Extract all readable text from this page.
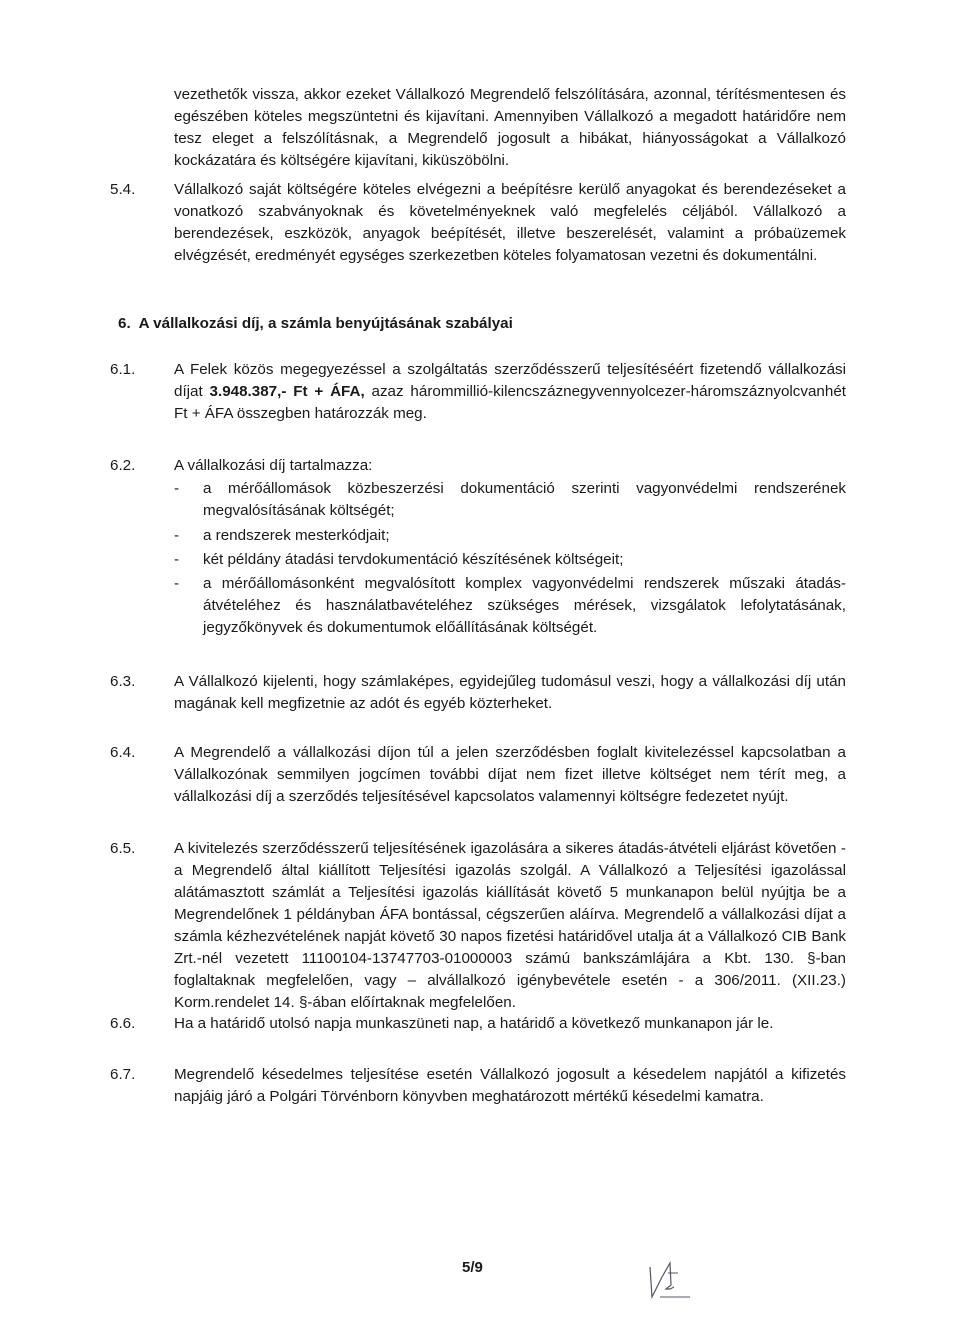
vezethetők vissza, akkor ezeket Vállalkozó Megrendelő felszólítására, azonnal, térítésmentesen és egészében köteles megszüntetni és kijavítani. Amennyiben Vállalkozó a megadott határidőre nem tesz eleget a felszólításnak, a Megrendelő jogosult a hibákat, hiányosságokat a Vállalkozó kockázatára és költségére kijavítani, kiküszöbölni.
5.4.	Vállalkozó saját költségére köteles elvégezni a beépítésre kerülő anyagokat és berendezéseket a vonatkozó szabványoknak és követelményeknek való megfelelés céljából. Vállalkozó a berendezések, eszközök, anyagok beépítését, illetve beszerelését, valamint a próbaüzemek elvégzését, eredményét egységes szerkezetben köteles folyamatosan vezetni és dokumentálni.
6. A vállalkozási díj, a számla benyújtásának szabályai
6.1.	A Felek közös megegyezéssel a szolgáltatás szerződésszerű teljesítéséért fizetendő vállalkozási díjat 3.948.387,- Ft + ÁFA, azaz hárommillió-kilencszáznegyvennyolcezer-háromszáznyolcvanhét Ft + ÁFA összegben határozzák meg.
6.2.	A vállalkozási díj tartalmazza:
- a mérőállomások közbeszerzési dokumentáció szerinti vagyonvédelmi rendszerének megvalósításának költségét;
- a rendszerek mesterkódjait;
- két példány átadási tervdokumentáció készítésének költségeit;
- a mérőállomásonként megvalósított komplex vagyonvédelmi rendszerek műszaki átadás-átvételéhez és használatbavételéhez szükséges mérések, vizsgálatok lefolytatásának, jegyzőkönyvek és dokumentumok előállításának költségét.
6.3.	A Vállalkozó kijelenti, hogy számlaképes, egyidejűleg tudomásul veszi, hogy a vállalkozási díj után magának kell megfizetnie az adót és egyéb közterheket.
6.4.	A Megrendelő a vállalkozási díjon túl a jelen szerződésben foglalt kivitelezéssel kapcsolatban a Vállalkozónak semmilyen jogcímen további díjat nem fizet illetve költséget nem térít meg, a vállalkozási díj a szerződés teljesítésével kapcsolatos valamennyi költségre fedezetet nyújt.
6.5.	A kivitelezés szerződésszerű teljesítésének igazolására a sikeres átadás-átvételi eljárást követően - a Megrendelő által kiállított Teljesítési igazolás szolgál. A Vállalkozó a Teljesítési igazolással alátámasztott számlát a Teljesítési igazolás kiállítását követő 5 munkanapon belül nyújtja be a Megrendelőnek 1 példányban ÁFA bontással, cégszerűen aláírva. Megrendelő a vállalkozási díjat a számla kézhezvételének napját követő 30 napos fizetési határidővel utalja át a Vállalkozó CIB Bank Zrt.-nél vezetett 11100104-13747703-01000003 számú bankszámlájára a Kbt. 130. §-ban foglaltaknak megfelelően, vagy – alvállalkozó igénybevétele esetén - a 306/2011. (XII.23.) Korm.rendelet 14. §-ában előírtaknak megfelelően.
6.6.	Ha a határidő utolsó napja munkaszüneti nap, a határidő a következő munkanapon jár le.
6.7.	Megrendelő késedelmes teljesítése esetén Vállalkozó jogosult a késedelem napjától a kifizetés napjáig járó a Polgári Törvénborn könyvben meghatározott mértékű késedelmi kamatra.
5/9
